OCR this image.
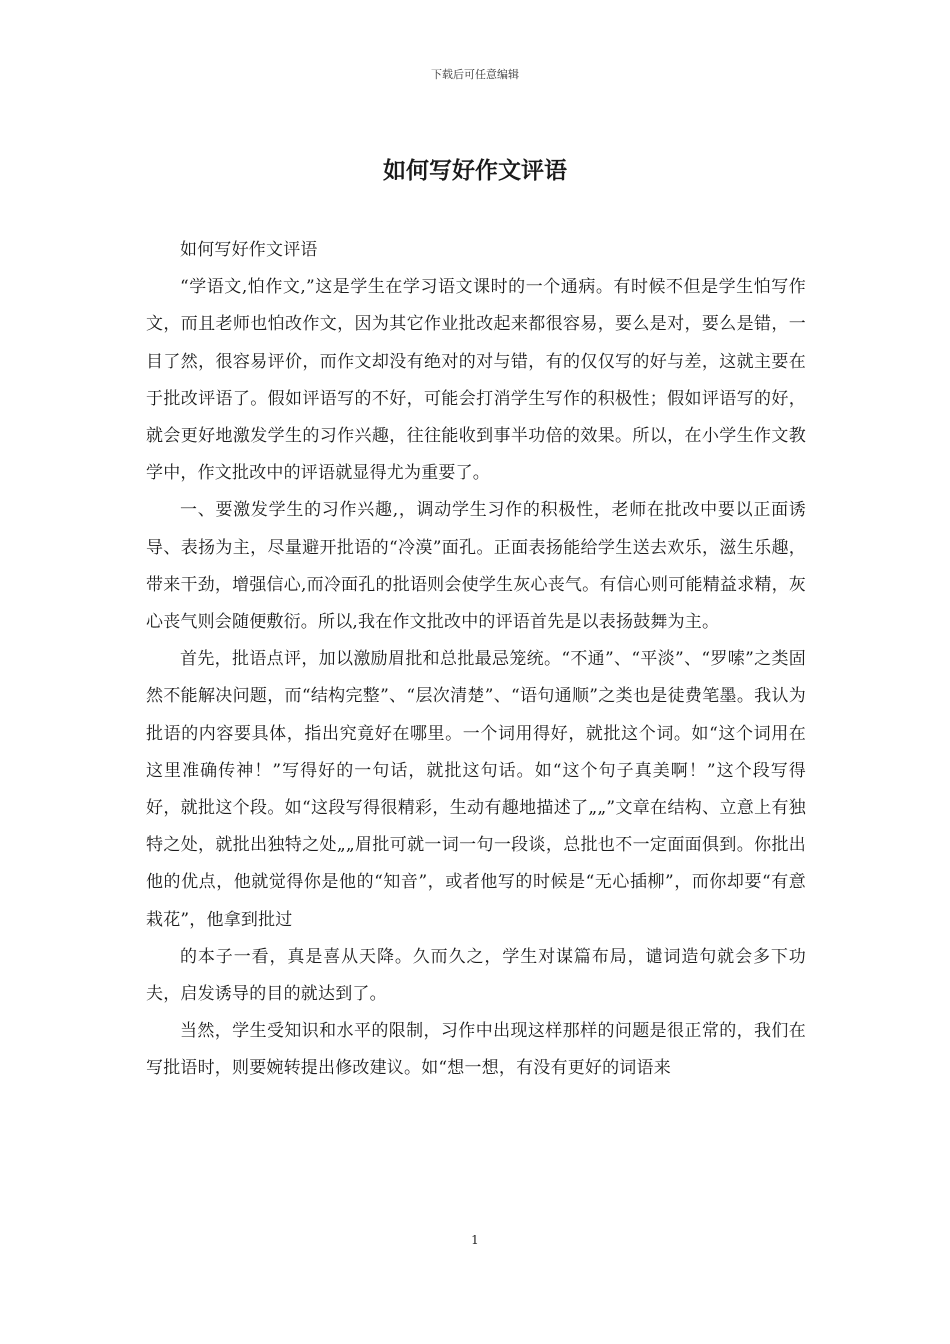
下载后可任意编辑
如何写好作文评语

如何写好作文评语

“学语文,怕作文,”这是学生在学习语文课时的一个通病。有时候不但是学生怕写作文，而且老师也怕改作文，因为其它作业批改起来都很容易，要么是对，要么是错，一目了然，很容易评价，而作文却没有绝对的对与错，有的仅仅写的好与差，这就主要在于批改评语了。假如评语写的不好，可能会打消学生写作的积极性；假如评语写的好，就会更好地激发学生的习作兴趣，往往能收到事半功倍的效果。所以，在小学生作文教学中，作文批改中的评语就显得尤为重要了。

一、要激发学生的习作兴趣,，调动学生习作的积极性，老师在批改中要以正面诱导、表扬为主，尽量避开批语的“冷漠”面孔。正面表扬能给学生送去欢乐，滋生乐趣，带来干劲，增强信心,而冷面孔的批语则会使学生灰心丧气。有信心则可能精益求精，灰心丧气则会随便敷衍。所以,我在作文批改中的评语首先是以表扬鼓舞为主。

首先，批语点评，加以激励眉批和总批最忌笼统。“不通”、“平淡”、“罗嗦”之类固然不能解决问题，而“结构完整”、“层次清楚”、“语句通顺”之类也是徒费笔墨。我认为批语的内容要具体，指出究竟好在哪里。一个词用得好，就批这个词。如“这个词用在这里准确传神！”写得好的一句话，就批这句话。如“这个句子真美啊！”这个段写得好，就批这个段。如“这段写得很精彩，生动有趣地描述了„„”文章在结构、立意上有独特之处，就批出独特之处„„眉批可就一词一句一段谈，总批也不一定面面俱到。你批出他的优点，他就觉得你是他的“知音”，或者他写的时候是“无心插柳”，而你却要“有意栽花”，他拿到批过

的本子一看，真是喜从天降。久而久之，学生对谋篇布局，谴词造句就会多下功夫，启发诱导的目的就达到了。

当然，学生受知识和水平的限制，习作中出现这样那样的问题是很正常的，我们在写批语时，则要婉转提出修改建议。如“想一想，有没有更好的词语来

1
